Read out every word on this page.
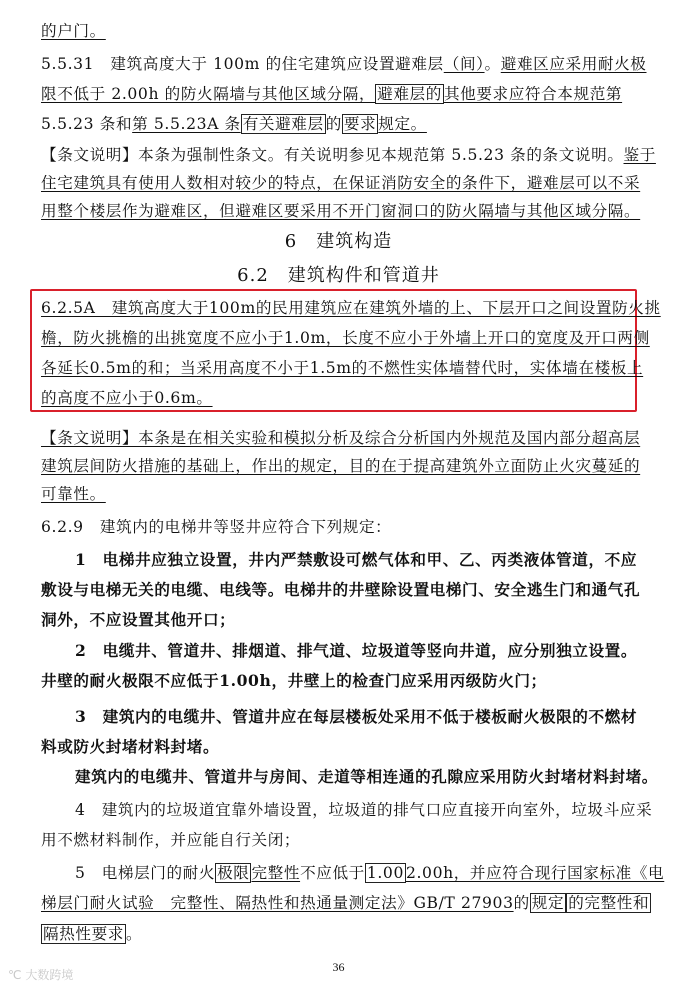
的户门。
5.5.31　建筑高度大于 100m 的住宅建筑应设置避难层（间）。避难区应采用耐火极
限不低于 2.00h 的防火隔墙与其他区域分隔， 避难层的 其他要求应符合本规范第
5.5.23 条和第 5.5.23A 条 有关避难层 的 要求 规定。
【条文说明】本条为强制性条文。有关说明参见本规范第 5.5.23 条的条文说明。鉴于
住宅建筑具有使用人数相对较少的特点，在保证消防安全的条件下，避难层可以不采
用整个楼层作为避难区，但避难区要采用不开门窗洞口的防火隔墙与其他区域分隔。
6　建筑构造
6.2　建筑构件和管道井
6.2.5A　建筑高度大于100m的民用建筑应在建筑外墙的上、下层开口之间设置防火挑
檐，防火挑檐的出挑宽度不应小于1.0m，长度不应小于外墙上开口的宽度及开口两侧
各延长0.5m的和；当采用高度不小于1.5m的不燃性实体墙替代时，实体墙在楼板上
的高度不应小于0.6m。
【条文说明】本条是在相关实验和模拟分析及综合分析国内外规范及国内部分超高层
建筑层间防火措施的基础上，作出的规定，目的在于提高建筑外立面防止火灾蔓延的
可靠性。
6.2.9　建筑内的电梯井等竖井应符合下列规定：
1　电梯井应独立设置，井内严禁敷设可燃气体和甲、乙、丙类液体管道，不应
敷设与电梯无关的电缆、电线等。电梯井的井壁除设置电梯门、安全逃生门和通气孔
洞外，不应设置其他开口；
2　电缆井、管道井、排烟道、排气道、垃圾道等竖向井道，应分别独立设置。
井壁的耐火极限不应低于1.00h，井壁上的检查门应采用丙级防火门；
3　建筑内的电缆井、管道井应在每层楼板处采用不低于楼板耐火极限的不燃材
料或防火封堵材料封堵。
建筑内的电缆井、管道井与房间、走道等相连通的孔隙应采用防火封堵材料封堵。
4　建筑内的垃圾道宜靠外墙设置，垃圾道的排气口应直接开向室外，垃圾斗应采
用不燃材料制作，并应能自行关闭；
5　电梯层门的耐火 极限 完整性不应低于 1.00 2.00h，并应符合现行国家标准《电
梯层门耐火试验　完整性、隔热性和热通量测定法》GB/T 27903的 规定 的完整性和
隔热性要求 。
36
℃ 大数跨境
